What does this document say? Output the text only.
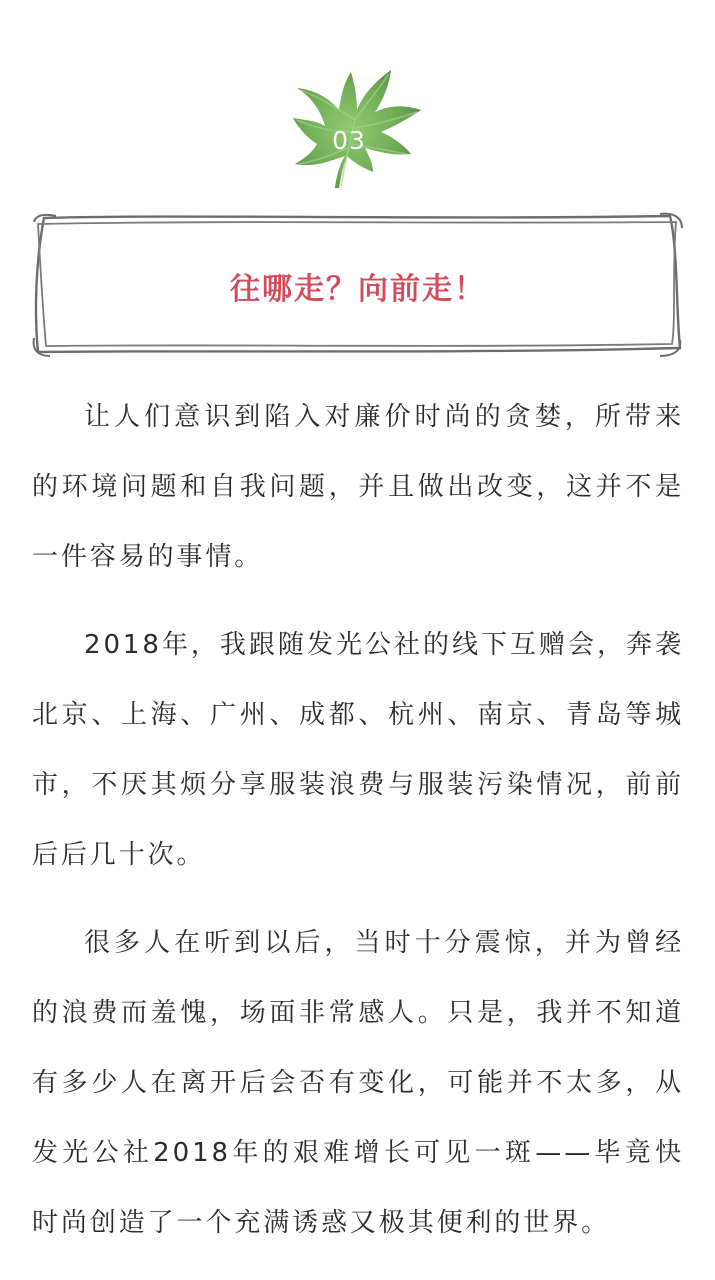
03
往哪走？向前走！

让人们意识到陷入对廉价时尚的贪婪，所带来的环境问题和自我问题，并且做出改变，这并不是一件容易的事情。

2018年，我跟随发光公社的线下互赠会，奔袭北京、上海、广州、成都、杭州、南京、青岛等城市，不厌其烦分享服装浪费与服装污染情况，前前后后几十次。

很多人在听到以后，当时十分震惊，并为曾经的浪费而羞愧，场面非常感人。只是，我并不知道有多少人在离开后会否有变化，可能并不太多，从发光公社2018年的艰难增长可见一斑——毕竟快时尚创造了一个充满诱惑又极其便利的世界。
